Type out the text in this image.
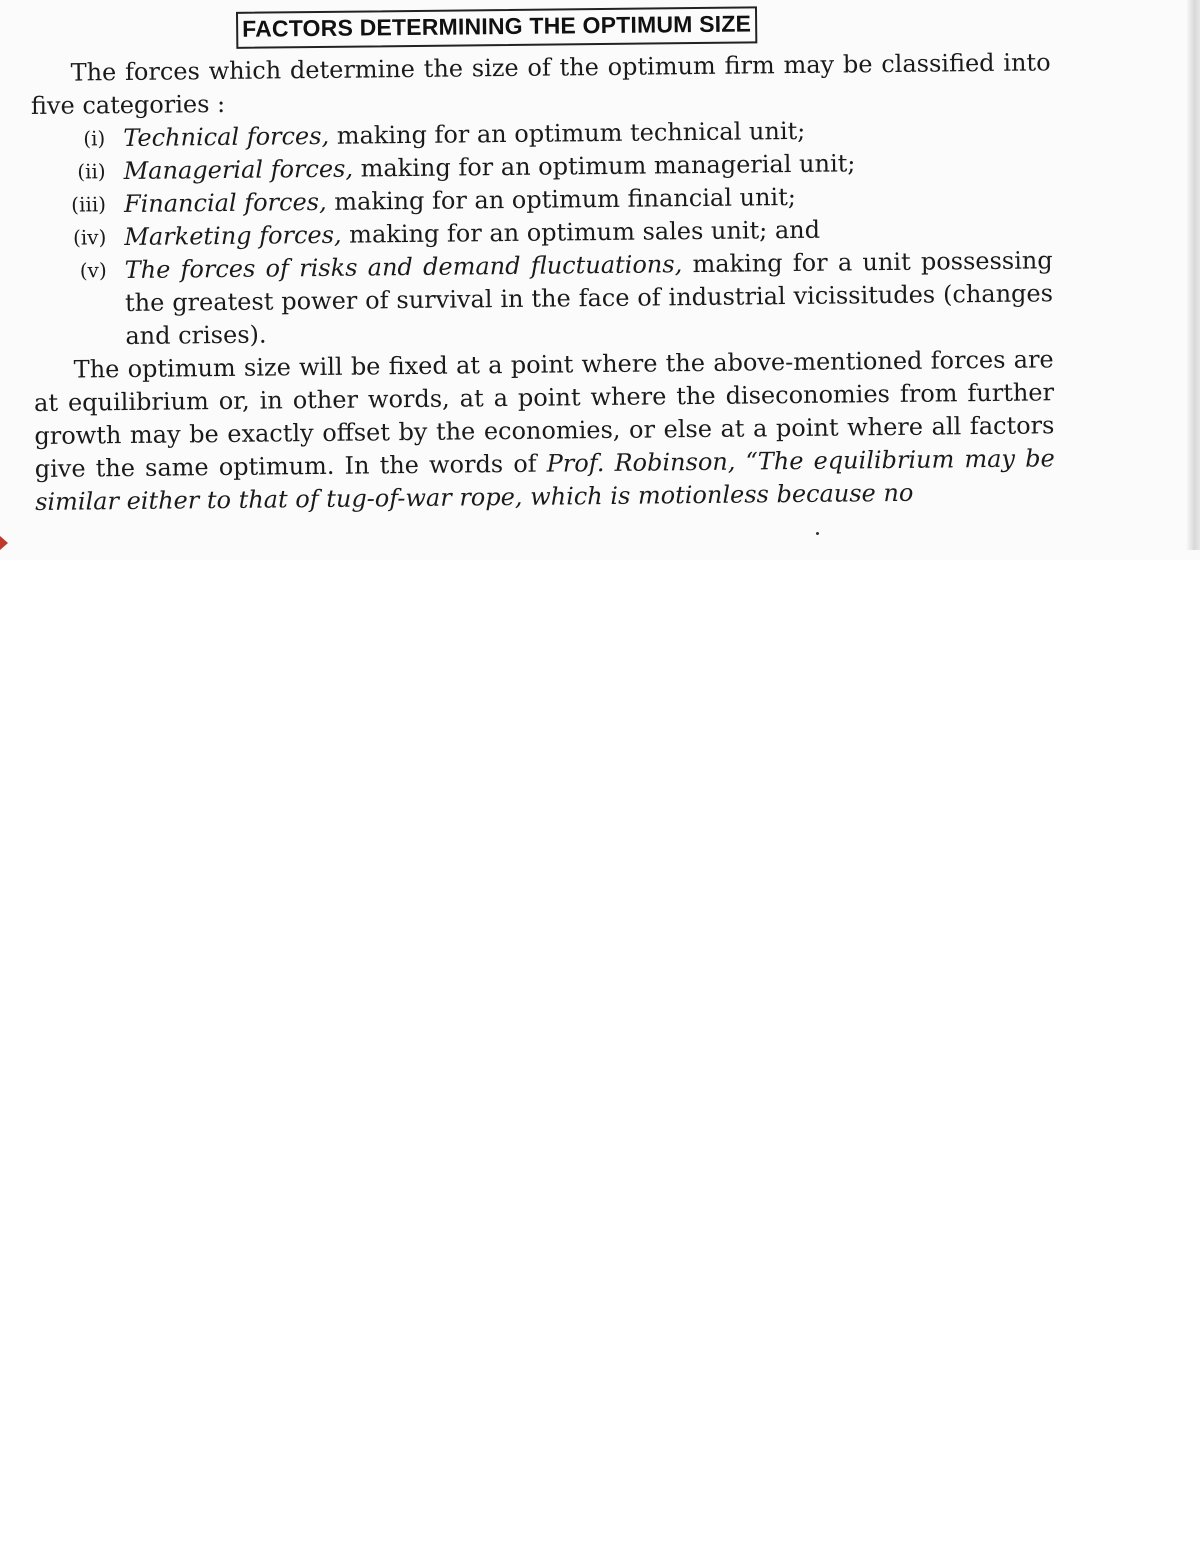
FACTORS DETERMINING THE OPTIMUM SIZE

The forces which determine the size of the optimum firm may be classified into five categories :

(i) Technical forces, making for an optimum technical unit;
(ii) Managerial forces, making for an optimum managerial unit;
(iii) Financial forces, making for an optimum financial unit;
(iv) Marketing forces, making for an optimum sales unit; and
(v) The forces of risks and demand fluctuations, making for a unit possessing the greatest power of survival in the face of industrial vicissitudes (changes and crises).

The optimum size will be fixed at a point where the above-mentioned forces are at equilibrium or, in other words, at a point where the diseconomies from further growth may be exactly offset by the economies, or else at a point where all factors give the same optimum. In the words of Prof. Robinson, “The equilibrium may be similar either to that of tug-of-war rope, which is motionless because no
